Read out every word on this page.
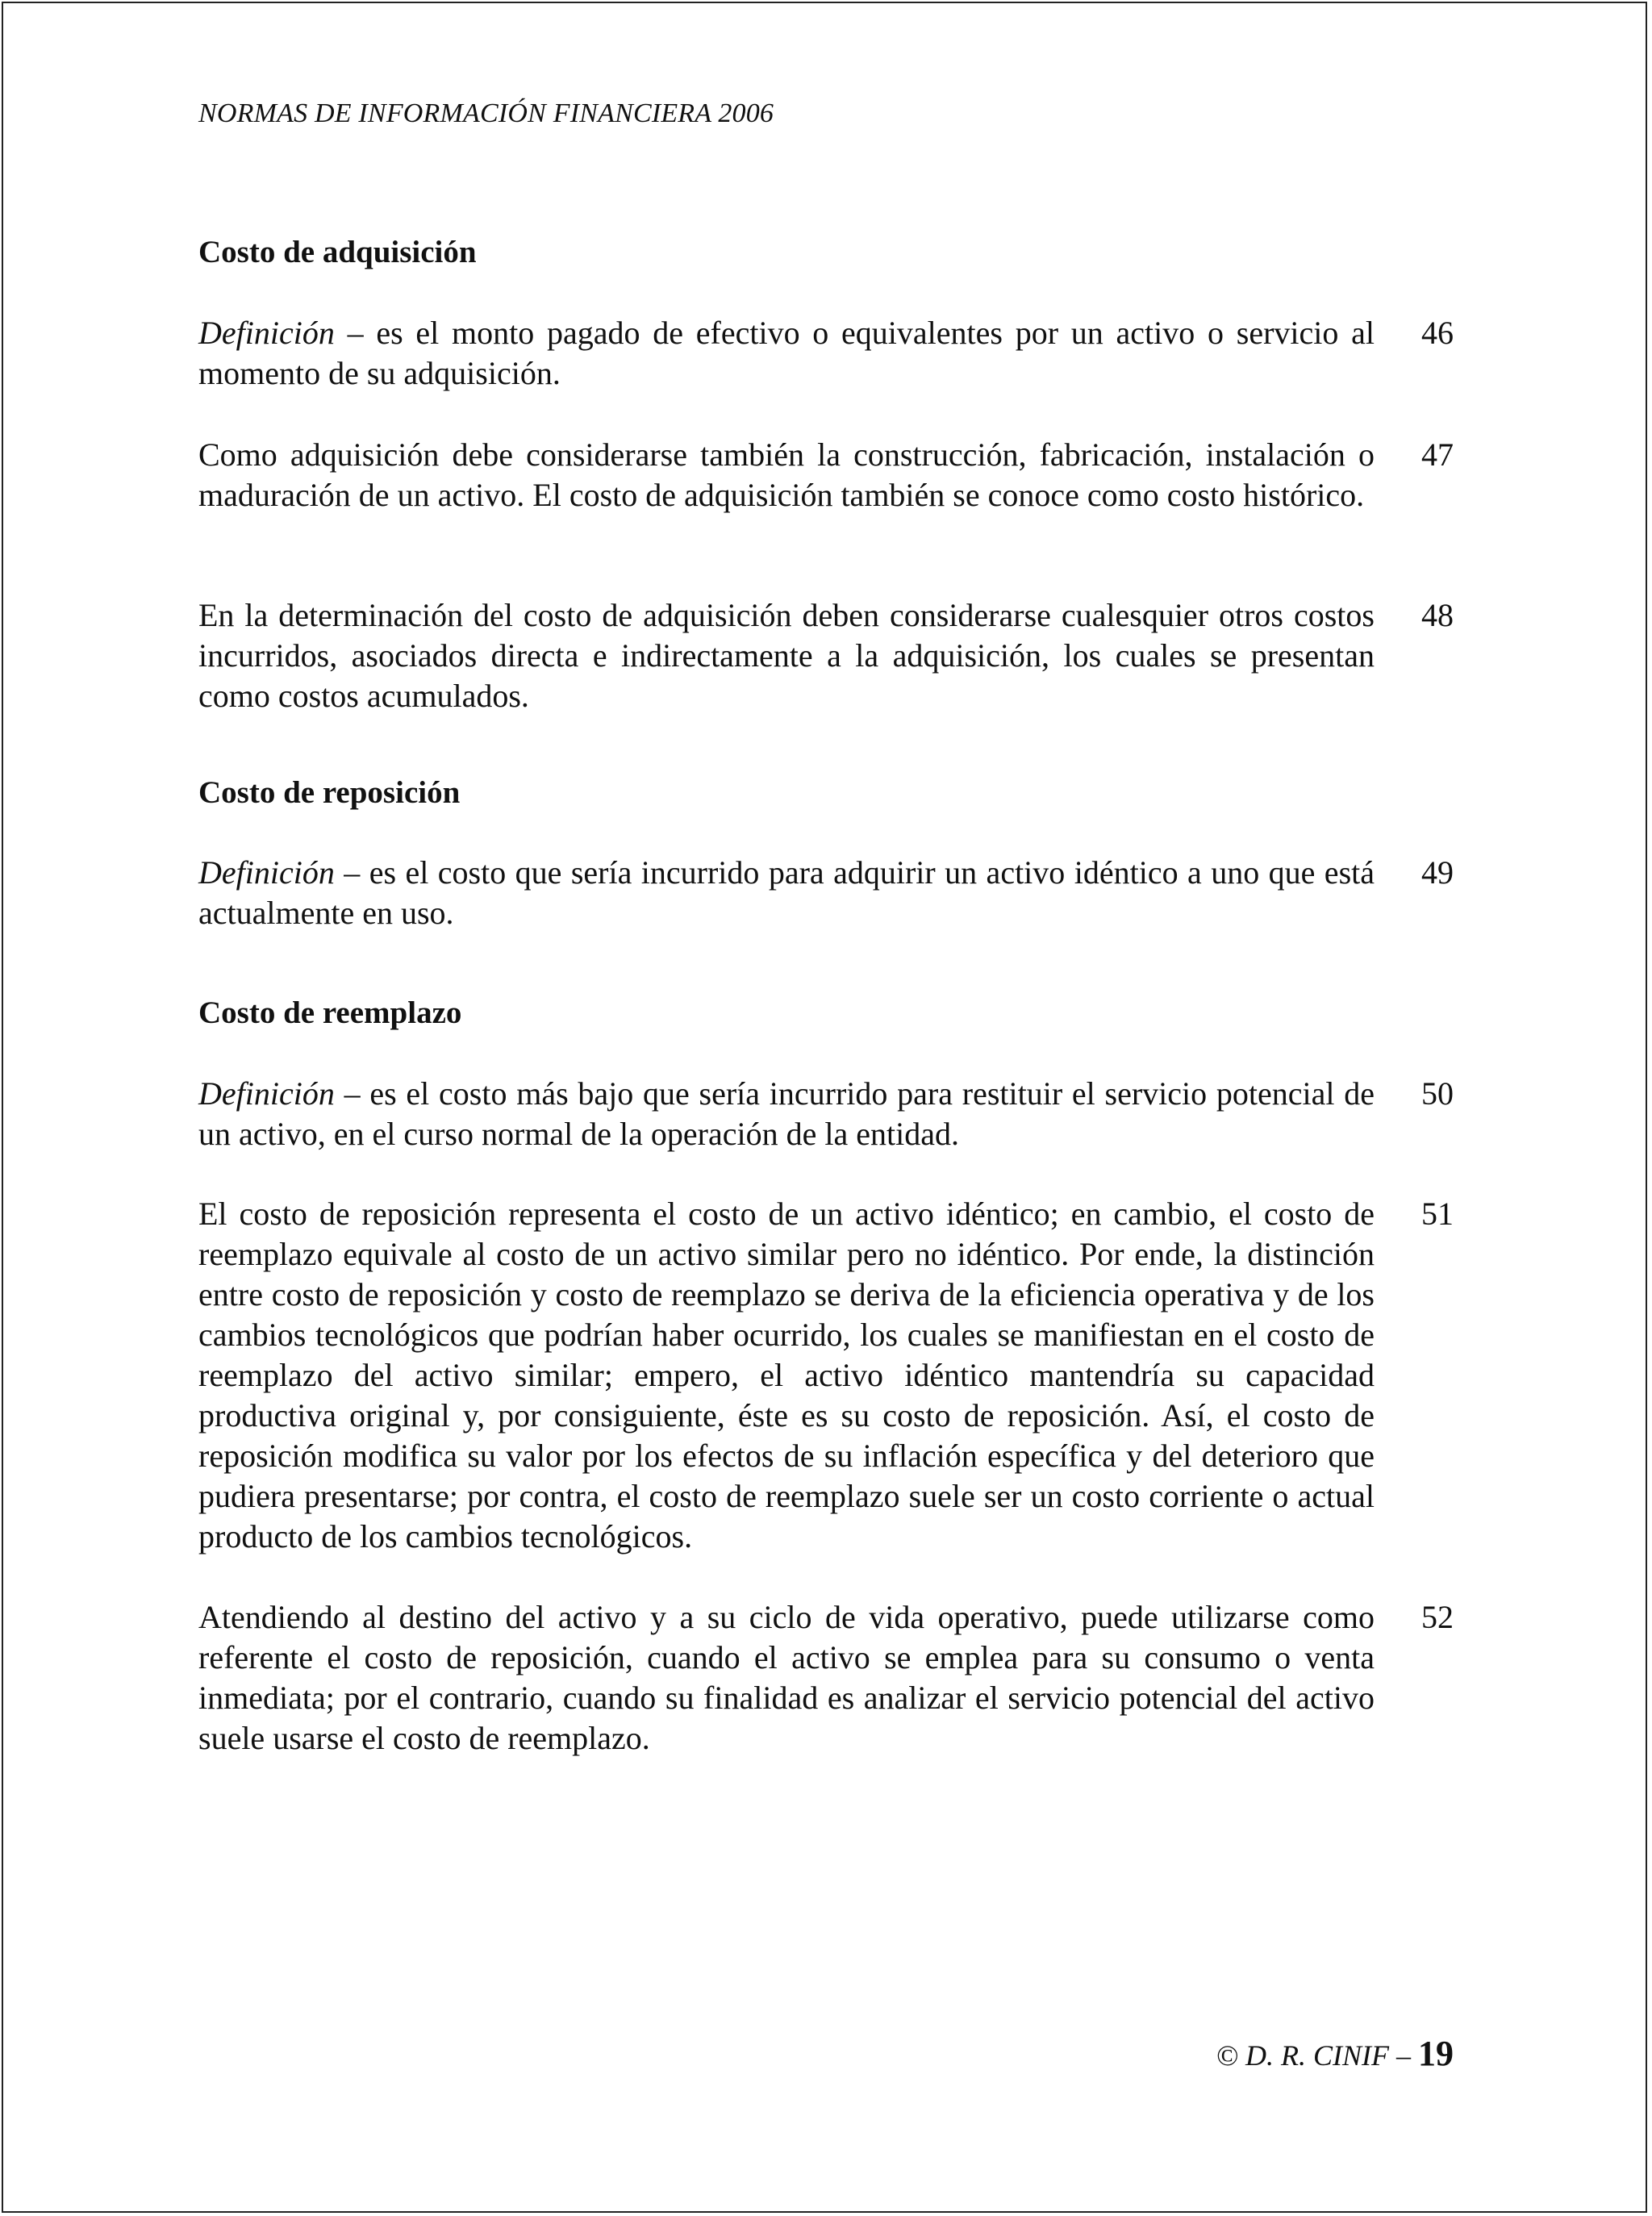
NORMAS DE INFORMACIÓN FINANCIERA 2006
Costo de adquisición
Definición – es el monto pagado de efectivo o equivalentes por un activo o servicio al momento de su adquisición.
46
Como adquisición debe considerarse también la construcción, fabricación, instalación o maduración de un activo. El costo de adquisición también se conoce como costo histórico.
47
En la determinación del costo de adquisición deben considerarse cualesquier otros costos incurridos, asociados directa e indirectamente a la adquisición, los cuales se presentan como costos acumulados.
48
Costo de reposición
Definición – es el costo que sería incurrido para adquirir un activo idéntico a uno que está actualmente en uso.
49
Costo de reemplazo
Definición – es el costo más bajo que sería incurrido para restituir el servicio potencial de un activo, en el curso normal de la operación de la entidad.
50
El costo de reposición representa el costo de un activo idéntico; en cambio, el costo de reemplazo equivale al costo de un activo similar pero no idéntico. Por ende, la distinción entre costo de reposición y costo de reemplazo se deriva de la eficiencia operativa y de los cambios tecnológicos que podrían haber ocurrido, los cuales se manifiestan en el costo de reemplazo del activo similar; empero, el activo idéntico mantendría su capacidad productiva original y, por consiguiente, éste es su costo de reposición. Así, el costo de reposición modifica su valor por los efectos de su inflación específica y del deterioro que pudiera presentarse; por contra, el costo de reemplazo suele ser un costo corriente o actual producto de los cambios tecnológicos.
51
Atendiendo al destino del activo y a su ciclo de vida operativo, puede utilizarse como referente el costo de reposición, cuando el activo se emplea para su consumo o venta inmediata; por el contrario, cuando su finalidad es analizar el servicio potencial del activo suele usarse el costo de reemplazo.
52
© D. R. CINIF – 19
